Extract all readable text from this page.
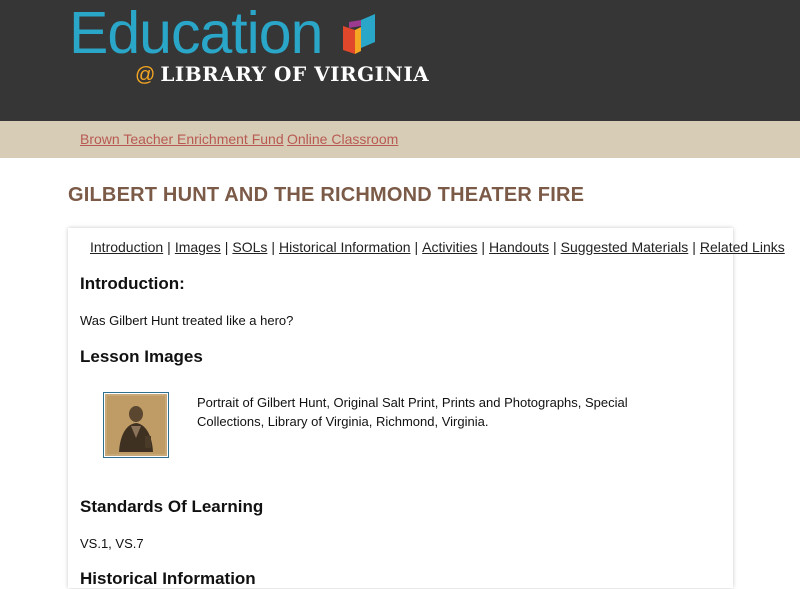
Education
@ LIBRARY OF VIRGINIA
Brown Teacher Enrichment Fund Online Classroom
GILBERT HUNT AND THE RICHMOND THEATER FIRE
Introduction | Images | SOLs | Historical Information | Activities | Handouts | Suggested Materials | Related Links
Introduction:

Was Gilbert Hunt treated like a hero?

Lesson Images

Portrait of Gilbert Hunt, Original Salt Print, Prints and Photographs, Special Collections, Library of Virginia, Richmond, Virginia.

Standards Of Learning

VS.1, VS.7

Historical Information
